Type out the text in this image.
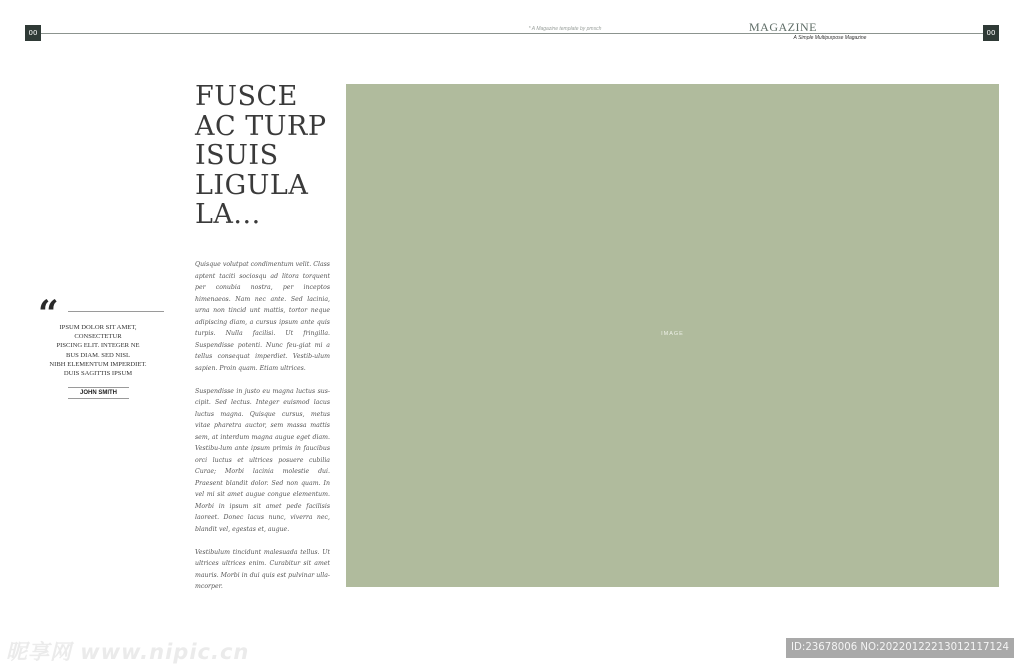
00	00
* A Magazine template by pmsch	MAGAZINE
A Simple Multipurpose Magazine
FUSCE
AC TURP
ISUIS
LIGULA
LA...

Quisque volutpat condimentum velit. Class aptent taciti sociosqu ad litora torquent per conubia nostra, per inceptos himenaeos. Nam nec ante. Sed lacinia, urna non tincid unt mattis, tortor neque adipiscing diam, a cursus ipsum ante quis turpis. Nulla facilisi. Ut fringilla. Suspendisse potenti. Nunc feu-giat mi a tellus consequat imperdiet. Vestib-ulum sapien. Proin quam. Etiam ultrices.

Suspendisse in justo eu magna luctus sus-cipit. Sed lectus. Integer euismod lacus luctus magna. Quisque cursus, metus vitae pharetra auctor, sem massa mattis sem, at interdum magna augue eget diam. Vestibu-lum ante ipsum primis in faucibus orci luctus et ultrices posuere cubilia Curae; Morbi lacinia molestie dui. Praesent blandit dolor. Sed non quam. In vel mi sit amet augue congue elementum. Morbi in ipsum sit amet pede facilisis laoreet. Donec lacus nunc, viverra nec, blandit vel, egestas et, augue.

Vestibulum tincidunt malesuada tellus. Ut ultrices ultrices enim. Curabitur sit amet mauris. Morbi in dui quis est pulvinar ulla-mcorper.

“ IPSUM DOLOR SIT AMET,
CONSECTETUR
PISCING ELIT. INTEGER NE
BUS DIAM. SED NISL
NIBH ELEMENTUM IMPERDIET.
DUIS SAGITTIS IPSUM
JOHN SMITH
IMAGE
昵享网 www.nipic.cn	ID:23678006 NO:20220122213012117124
